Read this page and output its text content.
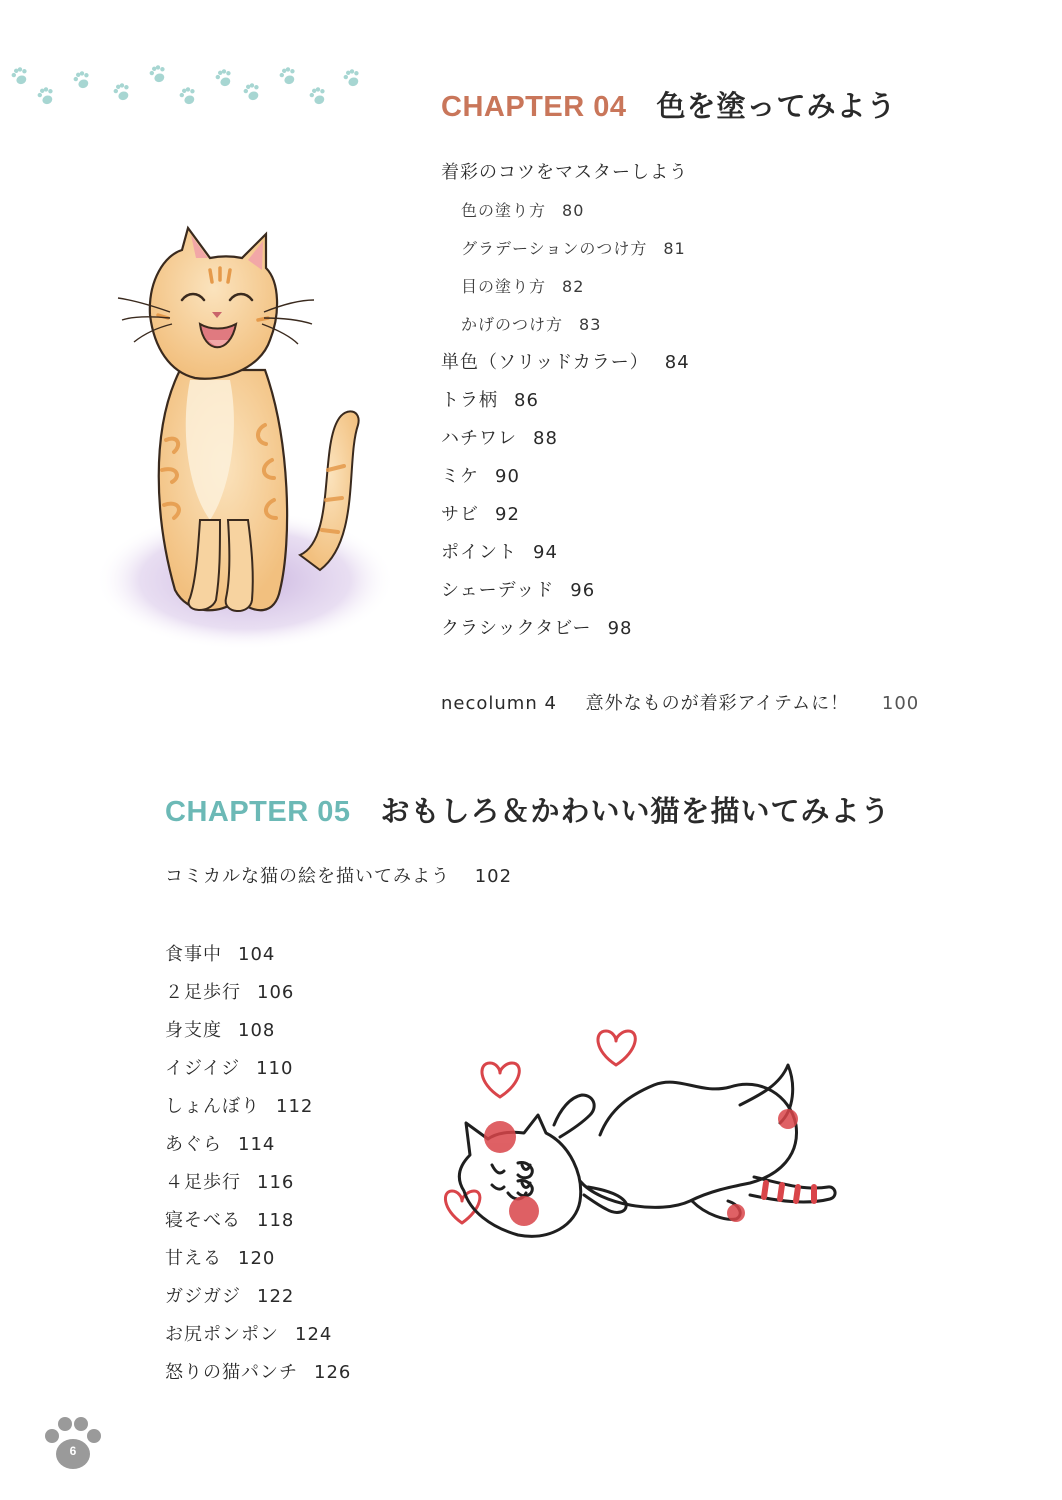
CHAPTER 04 色を塗ってみよう
着彩のコツをマスターしよう
色の塗り方 80
グラデーションのつけ方 81
目の塗り方 82
かげのつけ方 83
単色（ソリッドカラー） 84
トラ柄 86
ハチワレ 88
ミケ 90
サビ 92
ポイント 94
シェーデッド 96
クラシックタビー 98
necolumn 4 意外なものが着彩アイテムに！ 100
CHAPTER 05 おもしろ＆かわいい猫を描いてみよう
コミカルな猫の絵を描いてみよう 102
食事中 104
２足歩行 106
身支度 108
イジイジ 110
しょんぼり 112
あぐら 114
４足歩行 116
寝そべる 118
甘える 120
ガジガジ 122
お尻ポンポン 124
怒りの猫パンチ 126
6
